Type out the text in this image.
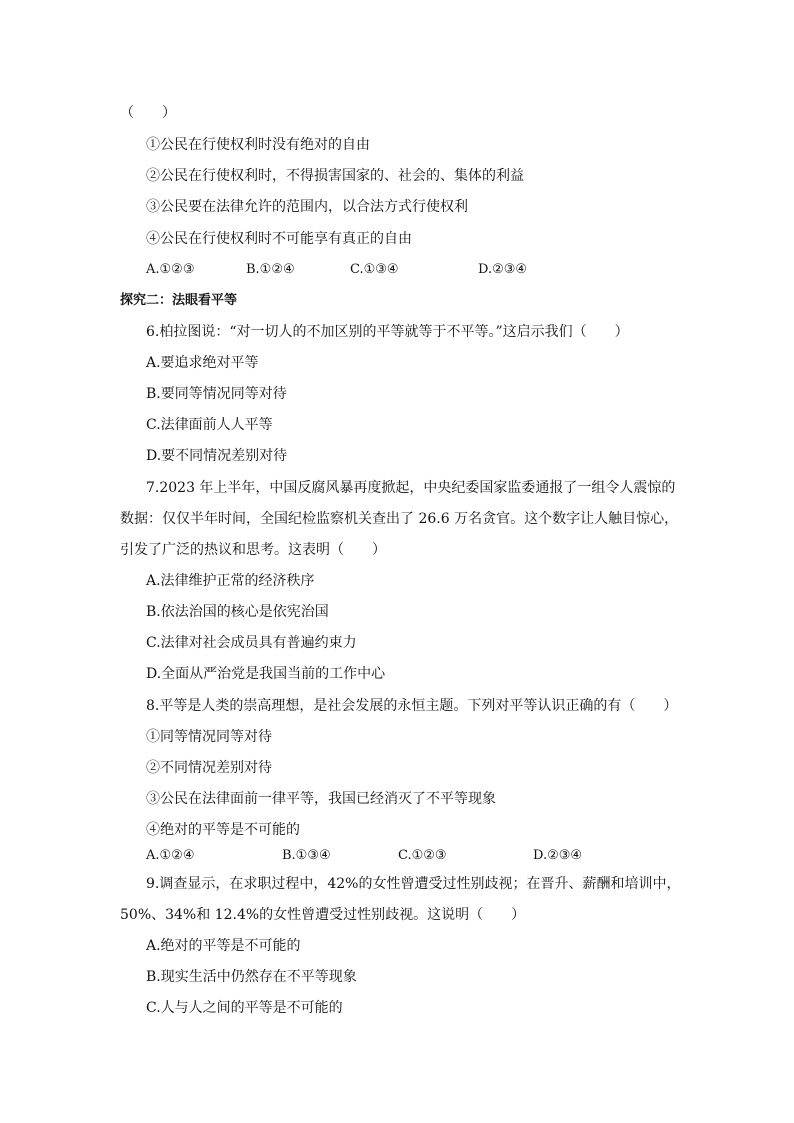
（　　）
①公民在行使权利时没有绝对的自由
②公民在行使权利时，不得损害国家的、社会的、集体的利益
③公民要在法律允许的范围内，以合法方式行使权利
④公民在行使权利时不可能享有真正的自由
A.①②③	B.①②④	C.①③④	D.②③④
探究二：法眼看平等
6.柏拉图说：“对一切人的不加区别的平等就等于不平等。”这启示我们（　　）
A.要追求绝对平等
B.要同等情况同等对待
C.法律面前人人平等
D.要不同情况差别对待
7.2023 年上半年，中国反腐风暴再度掀起，中央纪委国家监委通报了一组令人震惊的
数据：仅仅半年时间，全国纪检监察机关查出了 26.6 万名贪官。这个数字让人触目惊心，
引发了广泛的热议和思考。这表明（　　）
A.法律维护正常的经济秩序
B.依法治国的核心是依宪治国
C.法律对社会成员具有普遍约束力
D.全面从严治党是我国当前的工作中心
8.平等是人类的崇高理想，是社会发展的永恒主题。下列对平等认识正确的有（　　）
①同等情况同等对待
②不同情况差别对待
③公民在法律面前一律平等，我国已经消灭了不平等现象
④绝对的平等是不可能的
A.①②④	B.①③④	C.①②③	D.②③④
9.调查显示，在求职过程中，42%的女性曾遭受过性别歧视；在晋升、薪酬和培训中，
50%、34%和 12.4%的女性曾遭受过性别歧视。这说明（　　）
A.绝对的平等是不可能的
B.现实生活中仍然存在不平等现象
C.人与人之间的平等是不可能的
